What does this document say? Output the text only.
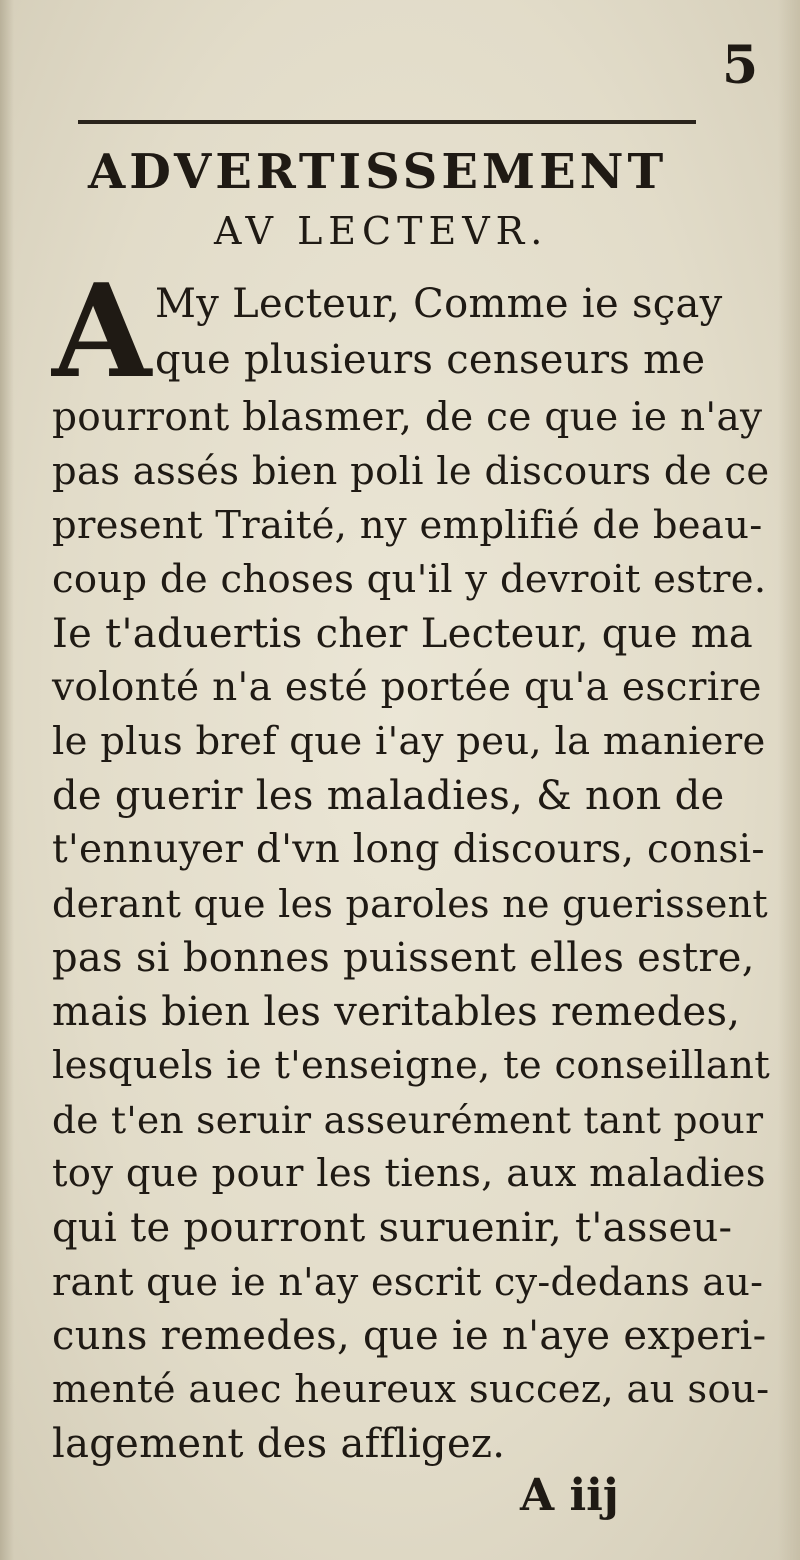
5
ADVERTISSEMENT
AV LECTEVR.
A My Lecteur, Comme ie sçay
que plusieurs censeurs me
pourront blasmer, de ce que ie n'ay
pas assés bien poli le discours de ce
present Traité, ny emplifié de beau-
coup de choses qu'il y devroit estre.
Ie t'aduertis cher Lecteur, que ma
volonté n'a esté portée qu'a escrire
le plus bref que i'ay peu, la maniere
de guerir les maladies, & non de
t'ennuyer d'vn long discours, consi-
derant que les paroles ne guerissent
pas si bonnes puissent elles estre,
mais bien les veritables remedes,
lesquels ie t'enseigne, te conseillant
de t'en seruir asseurément tant pour
toy que pour les tiens, aux maladies
qui te pourront suruenir, t'asseu-
rant que ie n'ay escrit cy-dedans au-
cuns remedes, que ie n'aye experi-
menté auec heureux succez, au sou-
lagement des affligez.
A iij
